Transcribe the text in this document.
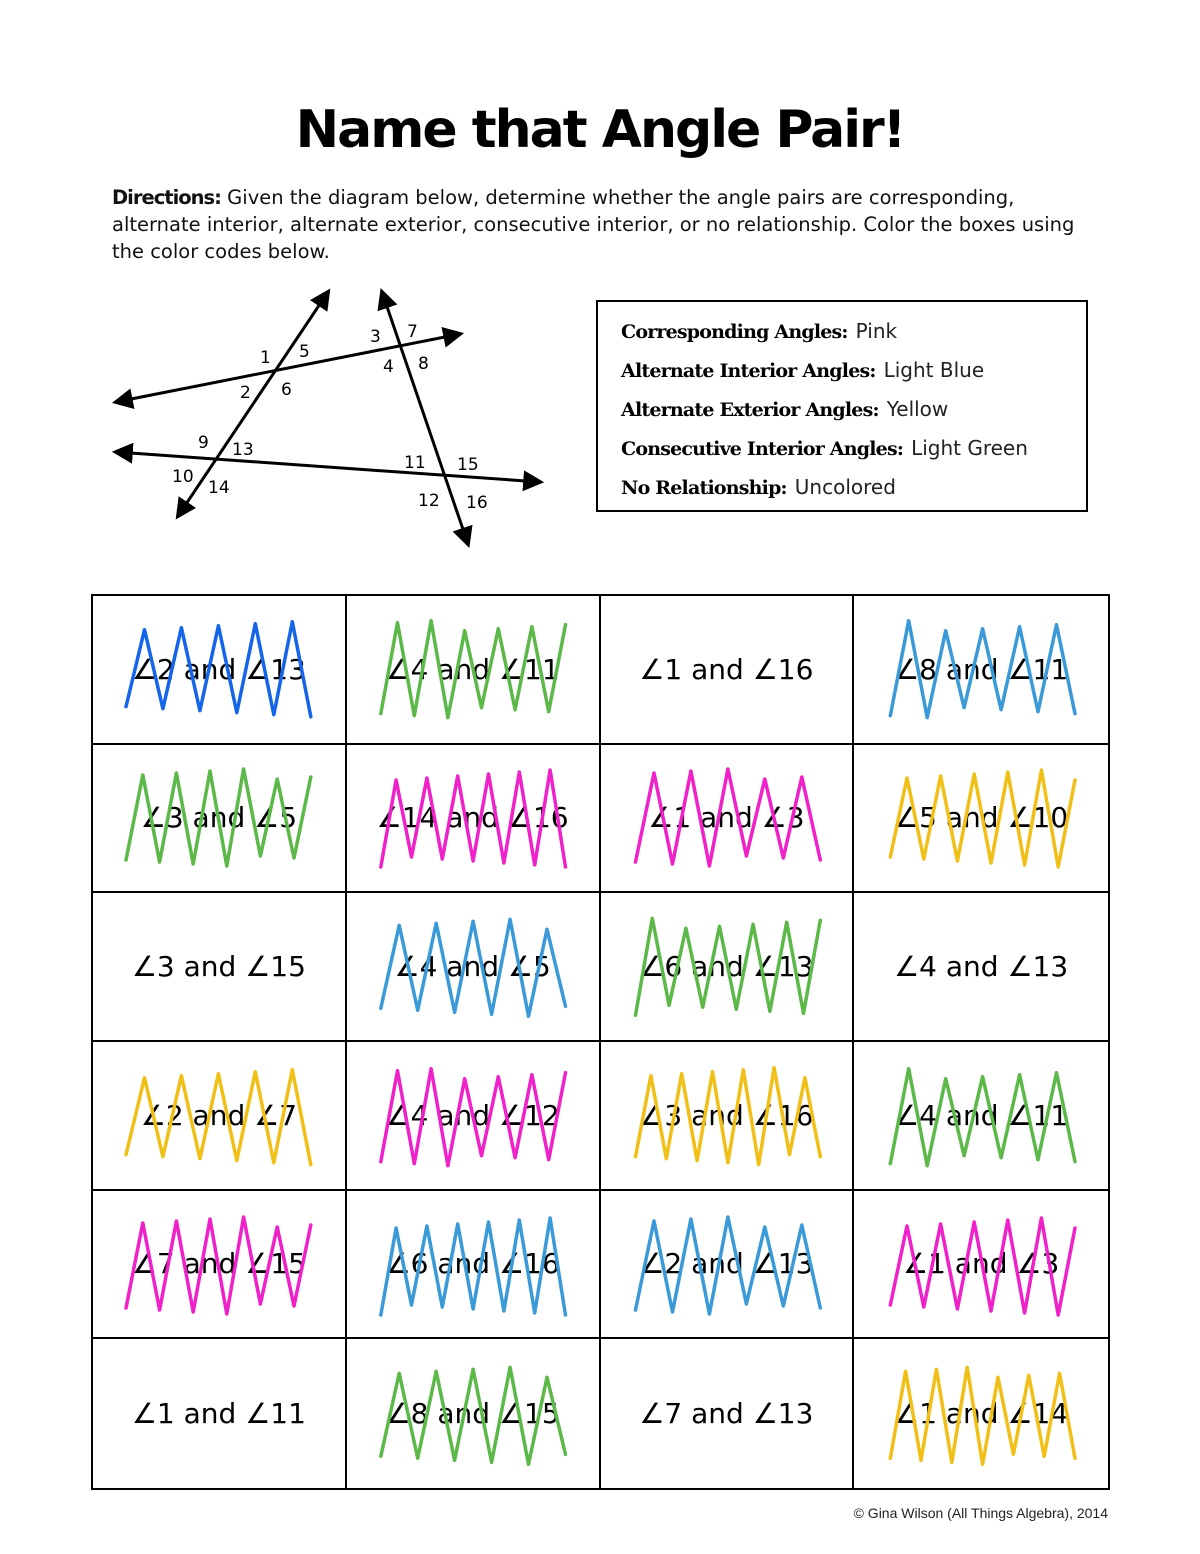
Name that Angle Pair!
Directions: Given the diagram below, determine whether the angle pairs are corresponding, alternate interior, alternate exterior, consecutive interior, or no relationship. Color the boxes using the color codes below.
1 5
3 7
2 6
4 8
9 13
11 15
10
14
12 16
Corresponding Angles: Pink
Alternate Interior Angles: Light Blue
Alternate Exterior Angles: Yellow
Consecutive Interior Angles: Light Green
No Relationship: Uncolored
∠2 and ∠13	∠4 and ∠11	∠1 and ∠16	∠8 and ∠11
∠3 and ∠5	∠14 and ∠16	∠1 and ∠3	∠5 and ∠10
∠3 and ∠15	∠4 and ∠5	∠6 and ∠13	∠4 and ∠13
∠2 and ∠7	∠4 and ∠12	∠3 and ∠16	∠4 and ∠11
∠7 and ∠15	∠6 and ∠16	∠2 and ∠13	∠1 and ∠3
∠1 and ∠11	∠8 and ∠15	∠7 and ∠13	∠1 and ∠14
© Gina Wilson (All Things Algebra), 2014
